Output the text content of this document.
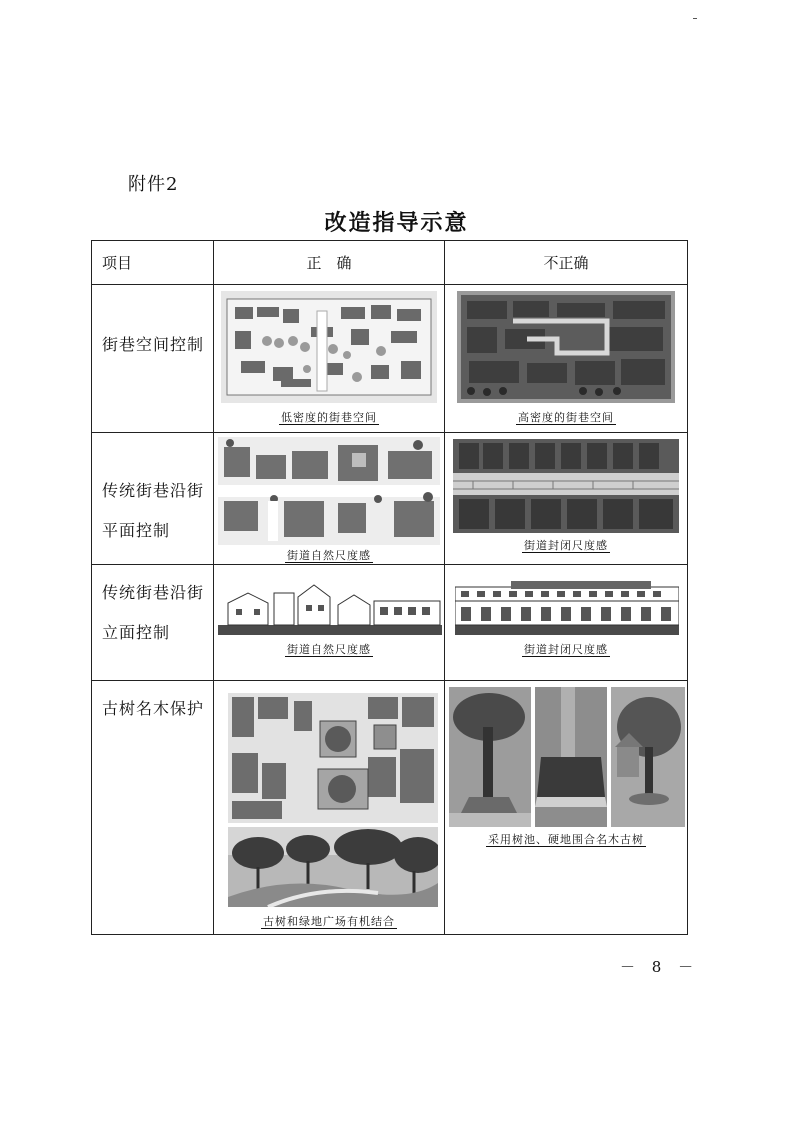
附件2
改造指导示意
项目	正　确	不正确
街巷空间控制	低密度的街巷空间	高密度的街巷空间

传统街巷沿街平面控制	街道自然尺度感	街道封闭尺度感

传统街巷沿街立面控制	街道自然尺度感	街道封闭尺度感

古树名木保护	古树和绿地广场有机结合	采用树池、硬地围合名木古树
－ 8 －
